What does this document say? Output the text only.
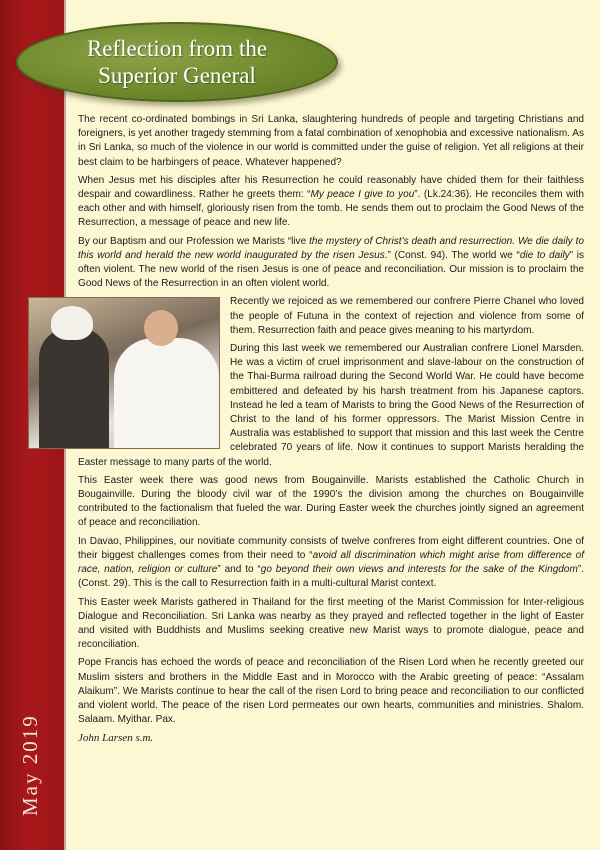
May 2019
Reflection from the
Superior General

The recent co-ordinated bombings in Sri Lanka, slaughtering hundreds of people and targeting Christians and foreigners, is yet another tragedy stemming from a fatal combination of xenophobia and excessive nationalism. As in Sri Lanka, so much of the violence in our world is committed under the guise of religion. Yet all religions at their best claim to be harbingers of peace. Whatever happened?

When Jesus met his disciples after his Resurrection he could reasonably have chided them for their faithless despair and cowardliness. Rather he greets them: “My peace I give to you”. (Lk.24:36). He reconciles them with each other and with himself, gloriously risen from the tomb. He sends them out to proclaim the Good News of the Resurrection, a message of peace and new life.

By our Baptism and our Profession we Marists “live the mystery of Christ’s death and resurrection. We die daily to this world and herald the new world inaugurated by the risen Jesus.” (Const. 94). The world we “die to daily” is often violent. The new world of the risen Jesus is one of peace and reconciliation. Our mission is to proclaim the Good News of the Resurrection in an often violent world.

Recently we rejoiced as we remembered our confrere Pierre Chanel who loved the people of Futuna in the context of rejection and violence from some of them. Resurrection faith and peace gives meaning to his martyrdom.

During this last week we remembered our Australian confrere Lionel Marsden. He was a victim of cruel imprisonment and slave-labour on the construction of the Thai-Burma railroad during the Second World War. He could have become embittered and defeated by his harsh treatment from his Japanese captors. Instead he led a team of Marists to bring the Good News of the Resurrection of Christ to the land of his former oppressors. The Marist Mission Centre in Australia was established to support that mission and this last week the Centre celebrated 70 years of life. Now it continues to support Marists heralding the Easter message to many parts of the world.

This Easter week there was good news from Bougainville. Marists established the Catholic Church in Bougainville. During the bloody civil war of the 1990’s the division among the churches on Bougainville contributed to the factionalism that fueled the war. During Easter week the churches jointly signed an agreement of peace and reconciliation.

In Davao, Philippines, our novitiate community consists of twelve confreres from eight different countries. One of their biggest challenges comes from their need to “avoid all discrimination which might arise from difference of race, nation, religion or culture” and to “go beyond their own views and interests for the sake of the Kingdom”. (Const. 29). This is the call to Resurrection faith in a multi-cultural Marist context.

This Easter week Marists gathered in Thailand for the first meeting of the Marist Commission for Inter-religious Dialogue and Reconciliation. Sri Lanka was nearby as they prayed and reflected together in the light of Easter and visited with Buddhists and Muslims seeking creative new Marist ways to promote dialogue, peace and reconciliation.

Pope Francis has echoed the words of peace and reconciliation of the Risen Lord when he recently greeted our Muslim sisters and brothers in the Middle East and in Morocco with the Arabic greeting of peace: “Assalam Alaikum”. We Marists continue to hear the call of the risen Lord to bring peace and reconciliation to our conflicted and violent world. The peace of the risen Lord permeates our own hearts, communities and ministries. Shalom. Salaam. Myithar. Pax.

John Larsen s.m.
